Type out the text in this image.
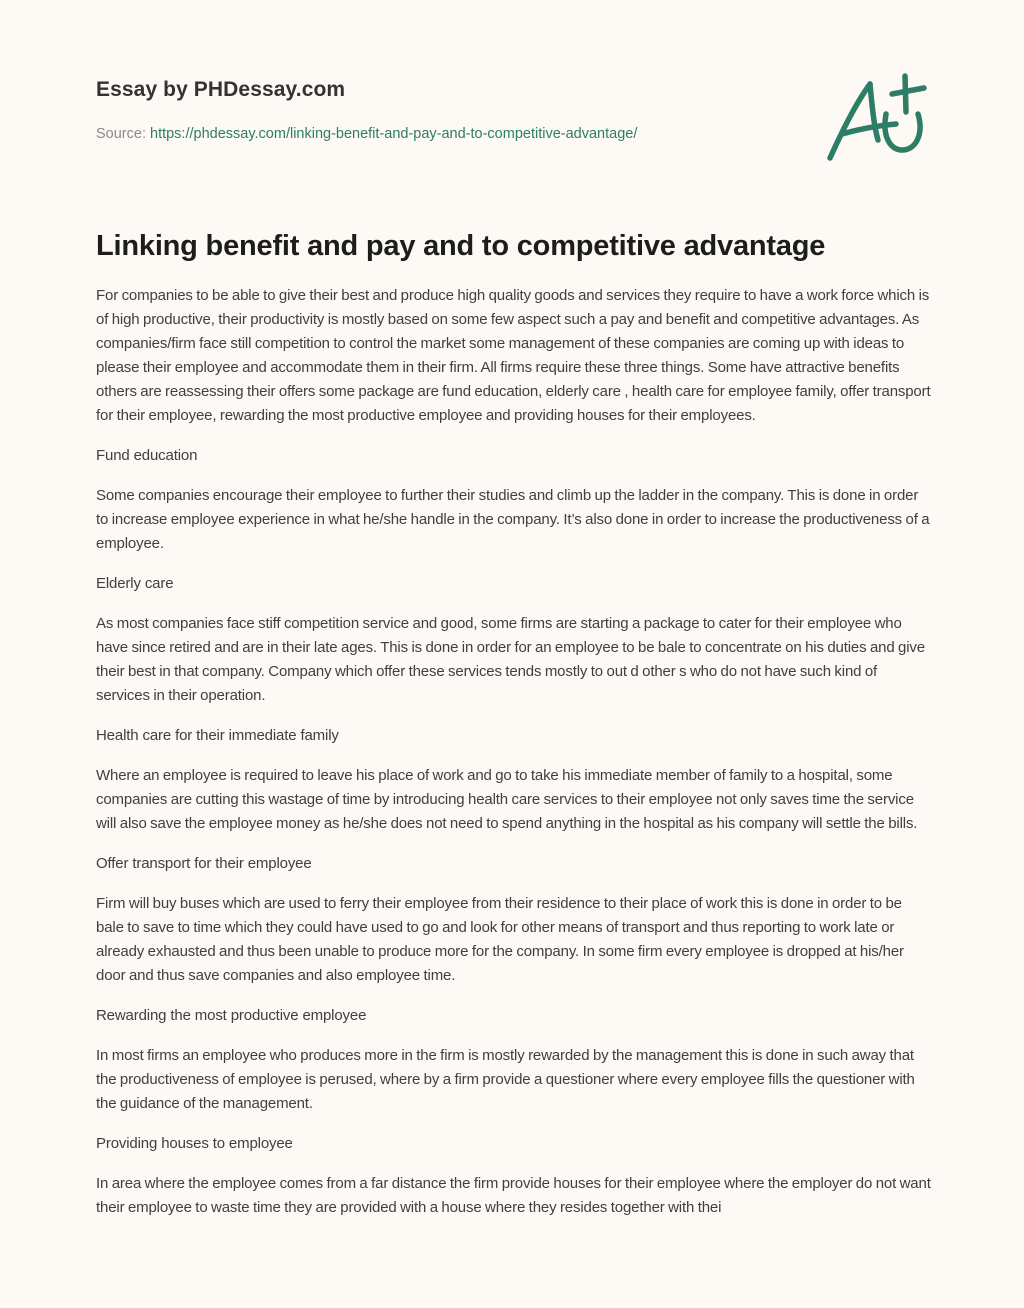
Essay by PHDessay.com
Source: https://phdessay.com/linking-benefit-and-pay-and-to-competitive-advantage/
Linking benefit and pay and to competitive advantage

For companies to be able to give their best and produce high quality goods and services they require to have a work force which is of high productive, their productivity is mostly based on some few aspect such a pay and benefit and competitive advantages. As companies/firm face still competition to control the market some management of these companies are coming up with ideas to please their employee and accommodate them in their firm. All firms require these three things. Some have attractive benefits others are reassessing their offers some package are fund education, elderly care , health care for employee family, offer transport for their employee, rewarding the most productive employee and providing houses for their employees.

Fund education

Some companies encourage their employee to further their studies and climb up the ladder in the company. This is done in order to increase employee experience in what he/she handle in the company. It’s also done in order to increase the productiveness of a employee.

Elderly care

As most companies face stiff competition service and good, some firms are starting a package to cater for their employee who have since retired and are in their late ages. This is done in order for an employee to be bale to concentrate on his duties and give their best in that company. Company which offer these services tends mostly to out d other s who do not have such kind of services in their operation.

Health care for their immediate family

Where an employee is required to leave his place of work and go to take his immediate member of family to a hospital, some companies are cutting this wastage of time by introducing health care services to their employee not only saves time the service will also save the employee money as he/she does not need to spend anything in the hospital as his company will settle the bills.

Offer transport for their employee

Firm will buy buses which are used to ferry their employee from their residence to their place of work this is done in order to be bale to save to time which they could have used to go and look for other means of transport and thus reporting to work late or already exhausted and thus been unable to produce more for the company. In some firm every employee is dropped at his/her door and thus save companies and also employee time.

Rewarding the most productive employee

In most firms an employee who produces more in the firm is mostly rewarded by the management this is done in such away that the productiveness of employee is perused, where by a firm provide a questioner where every employee fills the questioner with the guidance of the management.

Providing houses to employee

In area where the employee comes from a far distance the firm provide houses for their employee where the employer do not want their employee to waste time they are provided with a house where they resides together with thei
